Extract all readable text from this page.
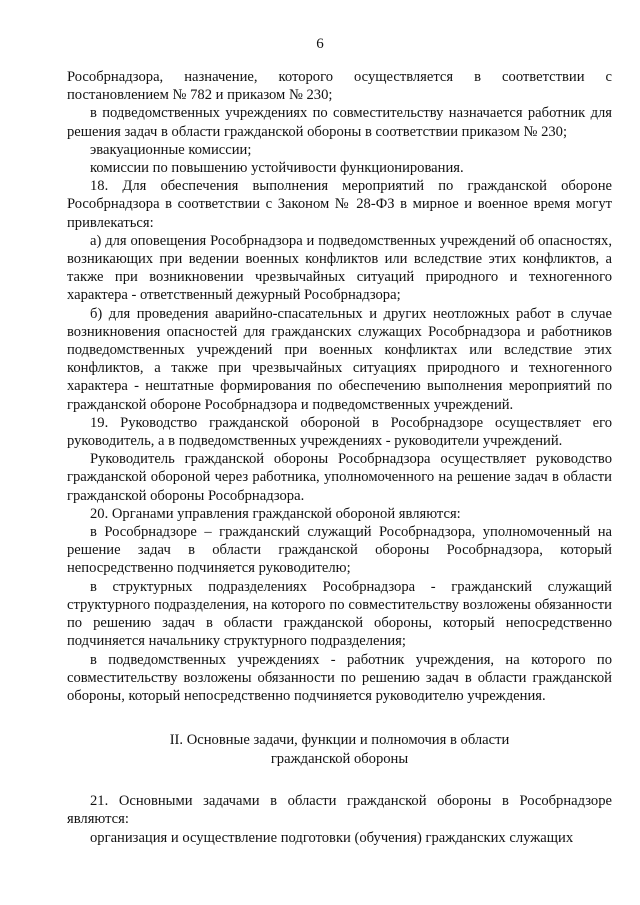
6

Рособрнадзора, назначение, которого осуществляется в соответствии с постановлением № 782 и приказом № 230;

в подведомственных учреждениях по совместительству назначается работник для решения задач в области гражданской обороны в соответствии приказом № 230;

эвакуационные комиссии;

комиссии по повышению устойчивости функционирования.

18. Для обеспечения выполнения мероприятий по гражданской обороне Рособрнадзора в соответствии с Законом № 28-ФЗ в мирное и военное время могут привлекаться:

а) для оповещения Рособрнадзора и подведомственных учреждений об опасностях, возникающих при ведении военных конфликтов или вследствие этих конфликтов, а также при возникновении чрезвычайных ситуаций природного и техногенного характера - ответственный дежурный Рособрнадзора;

б) для проведения аварийно-спасательных и других неотложных работ в случае возникновения опасностей для гражданских служащих Рособрнадзора и работников подведомственных учреждений при военных конфликтах или вследствие этих конфликтов, а также при чрезвычайных ситуациях природного и техногенного характера - нештатные формирования по обеспечению выполнения мероприятий по гражданской обороне Рособрнадзора и подведомственных учреждений.

19. Руководство гражданской обороной в Рособрнадзоре осуществляет его руководитель, а в подведомственных учреждениях - руководители учреждений.

Руководитель гражданской обороны Рособрнадзора осуществляет руководство гражданской обороной через работника, уполномоченного на решение задач в области гражданской обороны Рособрнадзора.

20. Органами управления гражданской обороной являются:

в Рособрнадзоре – гражданский служащий Рособрнадзора, уполномоченный на решение задач в области гражданской обороны Рособрнадзора, который непосредственно подчиняется руководителю;

в структурных подразделениях Рособрнадзора - гражданский служащий структурного подразделения, на которого по совместительству возложены обязанности по решению задач в области гражданской обороны, который непосредственно подчиняется начальнику структурного подразделения;

в подведомственных учреждениях - работник учреждения, на которого по совместительству возложены обязанности по решению задач в области гражданской обороны, который непосредственно подчиняется руководителю учреждения.

II. Основные задачи, функции и полномочия в области
гражданской обороны

21. Основными задачами в области гражданской обороны в Рособрнадзоре являются:

организация и осуществление подготовки (обучения) гражданских служащих
